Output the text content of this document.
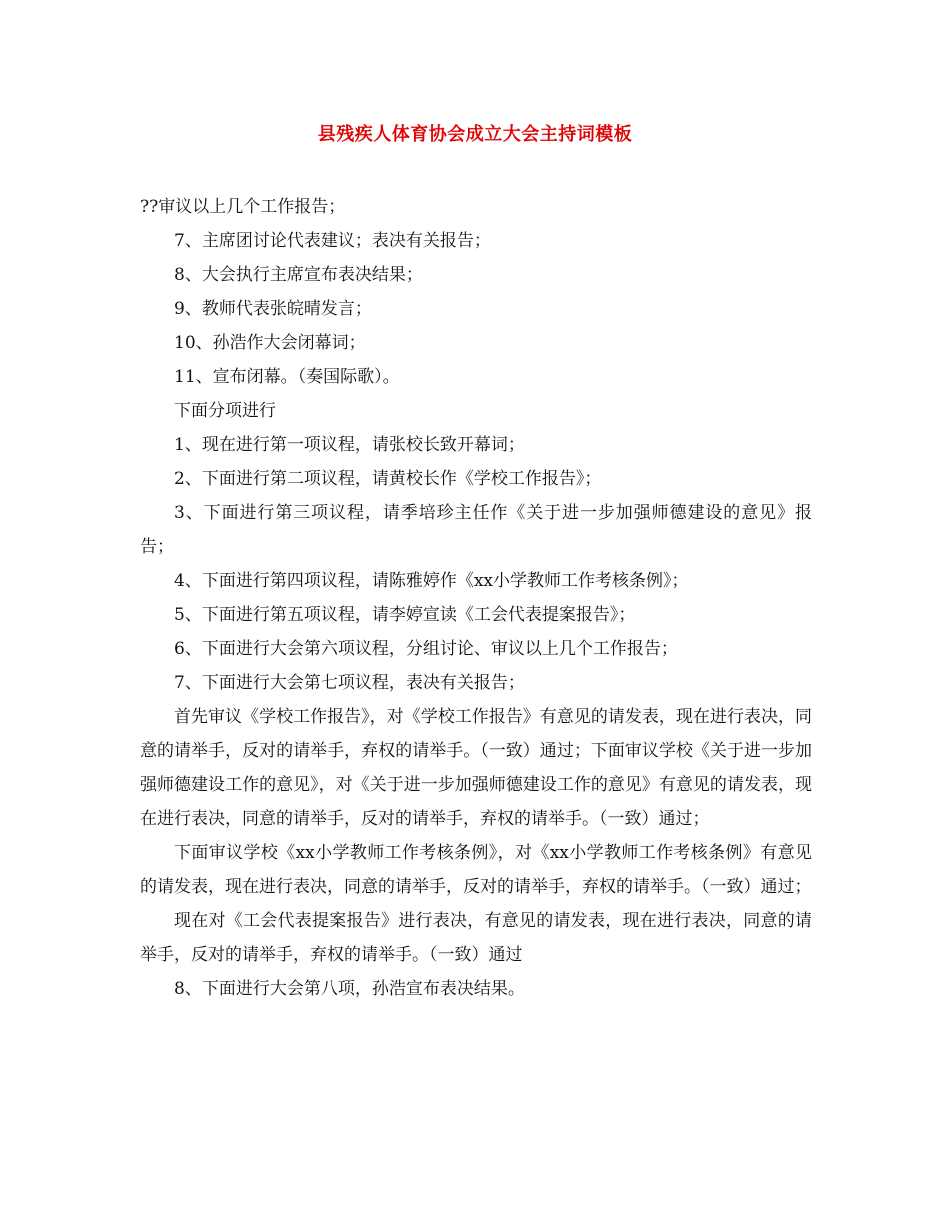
县残疾人体育协会成立大会主持词模板

??审议以上几个工作报告；

7、主席团讨论代表建议；表决有关报告；

8、大会执行主席宣布表决结果；

9、教师代表张皖晴发言；

10、孙浩作大会闭幕词；

11、宣布闭幕。（奏国际歌）。

下面分项进行

1、现在进行第一项议程，请张校长致开幕词；

2、下面进行第二项议程，请黄校长作《学校工作报告》；

3、下面进行第三项议程，请季培珍主任作《关于进一步加强师德建设的意见》报告；

4、下面进行第四项议程，请陈雅婷作《xx小学教师工作考核条例》；

5、下面进行第五项议程，请李婷宣读《工会代表提案报告》；

6、下面进行大会第六项议程，分组讨论、审议以上几个工作报告；

7、下面进行大会第七项议程，表决有关报告；

首先审议《学校工作报告》，对《学校工作报告》有意见的请发表，现在进行表决，同意的请举手，反对的请举手，弃权的请举手。（一致）通过；下面审议学校《关于进一步加强师德建设工作的意见》，对《关于进一步加强师德建设工作的意见》有意见的请发表，现在进行表决，同意的请举手，反对的请举手，弃权的请举手。（一致）通过；

下面审议学校《xx小学教师工作考核条例》，对《xx小学教师工作考核条例》有意见的请发表，现在进行表决，同意的请举手，反对的请举手，弃权的请举手。（一致）通过；

现在对《工会代表提案报告》进行表决，有意见的请发表，现在进行表决，同意的请举手，反对的请举手，弃权的请举手。（一致）通过

8、下面进行大会第八项，孙浩宣布表决结果。
